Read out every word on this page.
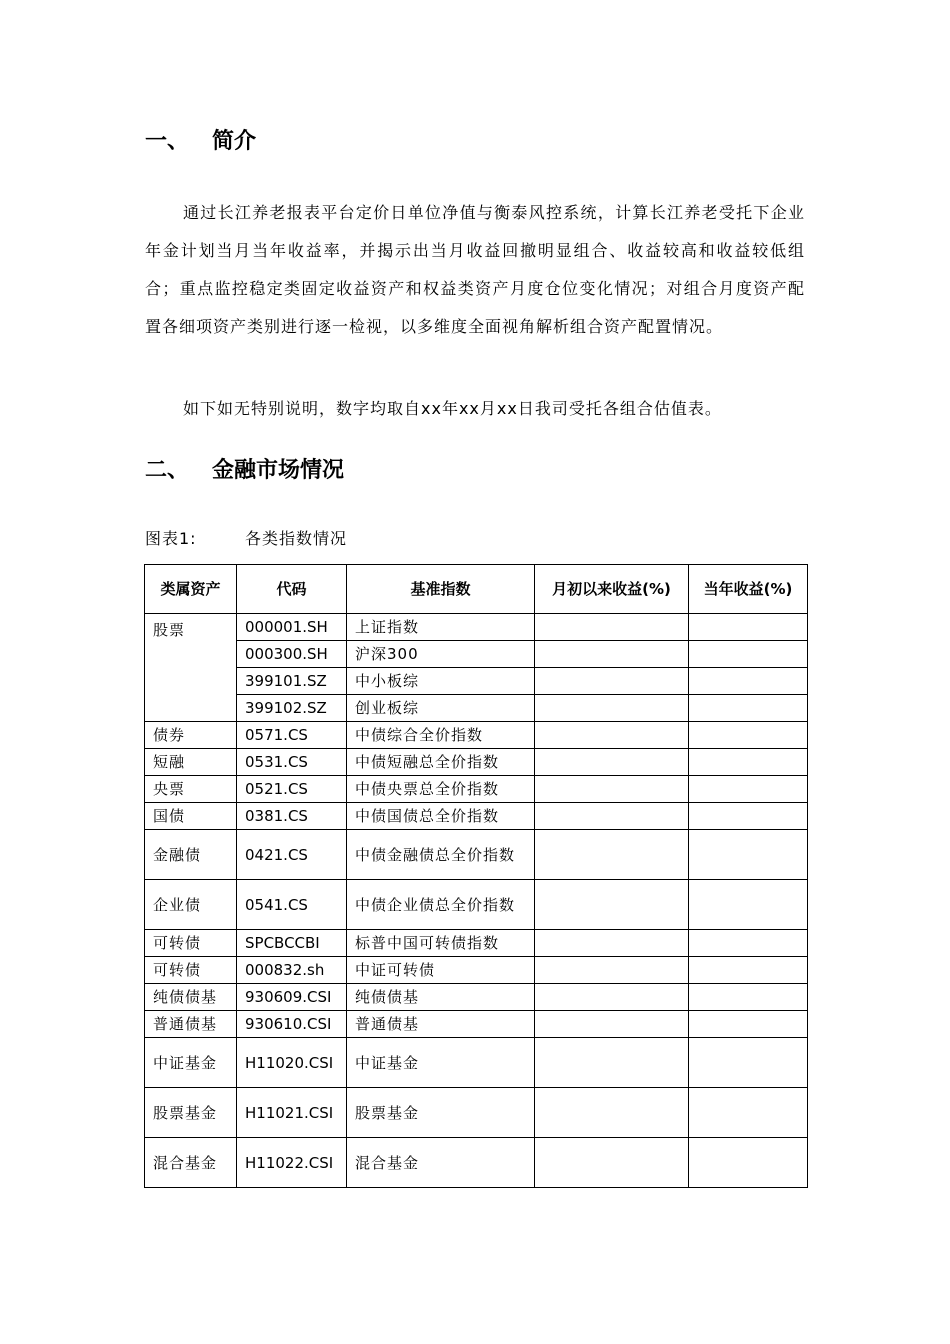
一、 简介

通过长江养老报表平台定价日单位净值与衡泰风控系统，计算长江养老受托下企业年金计划当月当年收益率，并揭示出当月收益回撤明显组合、收益较高和收益较低组合；重点监控稳定类固定收益资产和权益类资产月度仓位变化情况；对组合月度资产配置各细项资产类别进行逐一检视，以多维度全面视角解析组合资产配置情况。

如下如无特别说明，数字均取自xx年xx月xx日我司受托各组合估值表。

二、 金融市场情况
图表1:	各类指数情况
类属资产	代码	基准指数	月初以来收益(%)	当年收益(%)
股票	000001.SH	上证指数		
	000300.SH	沪深300		
	399101.SZ	中小板综		
	399102.SZ	创业板综		
债券	0571.CS	中债综合全价指数		
短融	0531.CS	中债短融总全价指数		
央票	0521.CS	中债央票总全价指数		
国债	0381.CS	中债国债总全价指数		
金融债	0421.CS	中债金融债总全价指数		
企业债	0541.CS	中债企业债总全价指数		
可转债	SPCBCCBI	标普中国可转债指数		
可转债	000832.sh	中证可转债		
纯债债基	930609.CSI	纯债债基		
普通债基	930610.CSI	普通债基		
中证基金	H11020.CSI	中证基金		
股票基金	H11021.CSI	股票基金		
混合基金	H11022.CSI	混合基金		
